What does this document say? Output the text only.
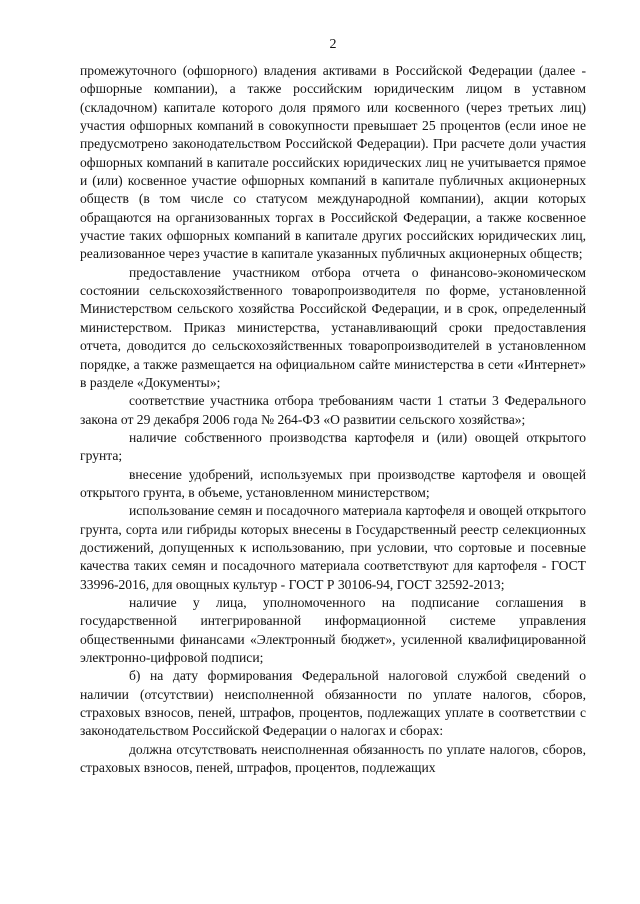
2

промежуточного (офшорного) владения активами в Российской Федерации (далее - офшорные компании), а также российским юридическим лицом в уставном (складочном) капитале которого доля прямого или косвенного (через третьих лиц) участия офшорных компаний в совокупности превышает 25 процентов (если иное не предусмотрено законодательством Российской Федерации). При расчете доли участия офшорных компаний в капитале российских юридических лиц не учитывается прямое и (или) косвенное участие офшорных компаний в капитале публичных акционерных обществ (в том числе со статусом международной компании), акции которых обращаются на организованных торгах в Российской Федерации, а также косвенное участие таких офшорных компаний в капитале других российских юридических лиц, реализованное через участие в капитале указанных публичных акционерных обществ;

предоставление участником отбора отчета о финансово-экономическом состоянии сельскохозяйственного товаропроизводителя по форме, установленной Министерством сельского хозяйства Российской Федерации, и в срок, определенный министерством. Приказ министерства, устанавливающий сроки предоставления отчета, доводится до сельскохозяйственных товаропроизводителей в установленном порядке, а также размещается на официальном сайте министерства в сети «Интернет» в разделе «Документы»;

соответствие участника отбора требованиям части 1 статьи 3 Федерального закона от 29 декабря 2006 года № 264-ФЗ «О развитии сельского хозяйства»;

наличие собственного производства картофеля и (или) овощей открытого грунта;

внесение удобрений, используемых при производстве картофеля и овощей открытого грунта, в объеме, установленном министерством;

использование семян и посадочного материала картофеля и овощей открытого грунта, сорта или гибриды которых внесены в Государственный реестр селекционных достижений, допущенных к использованию, при условии, что сортовые и посевные качества таких семян и посадочного материала соответствуют для картофеля - ГОСТ 33996-2016, для овощных культур - ГОСТ Р 30106-94, ГОСТ 32592-2013;

наличие у лица, уполномоченного на подписание соглашения в государственной интегрированной информационной системе управления общественными финансами «Электронный бюджет», усиленной квалифицированной электронно-цифровой подписи;

б) на дату формирования Федеральной налоговой службой сведений о наличии (отсутствии) неисполненной обязанности по уплате налогов, сборов, страховых взносов, пеней, штрафов, процентов, подлежащих уплате в соответствии с законодательством Российской Федерации о налогах и сборах:

должна отсутствовать неисполненная обязанность по уплате налогов, сборов, страховых взносов, пеней, штрафов, процентов, подлежащих
